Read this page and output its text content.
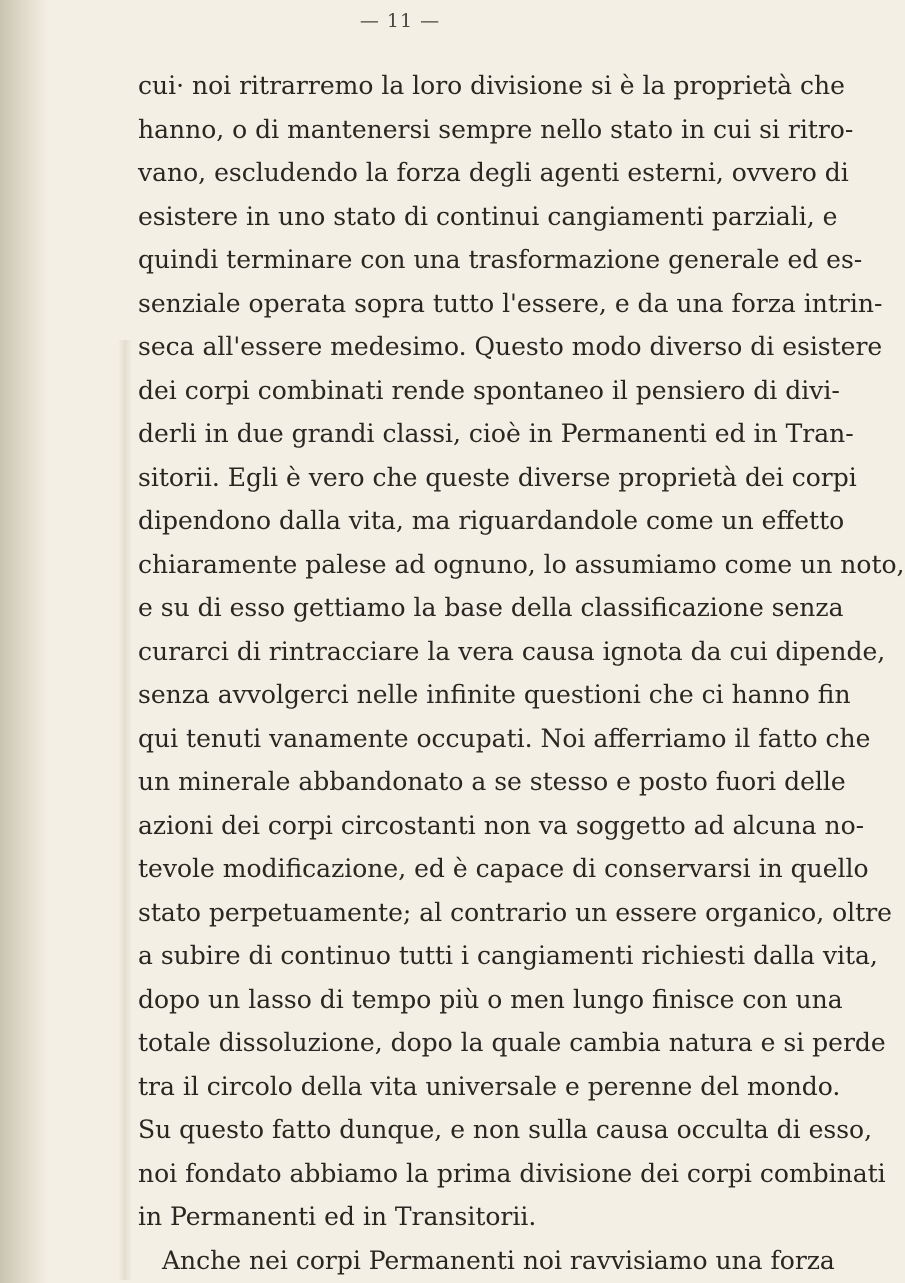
— 11 —
cui· noi ritrarremo la loro divisione si è la proprietà che
hanno, o di mantenersi sempre nello stato in cui si ritro-
vano, escludendo la forza degli agenti esterni, ovvero di
esistere in uno stato di continui cangiamenti parziali, e
quindi terminare con una trasformazione generale ed es-
senziale operata sopra tutto l'essere, e da una forza intrin-
seca all'essere medesimo. Questo modo diverso di esistere
dei corpi combinati rende spontaneo il pensiero di divi-
derli in due grandi classi, cioè in Permanenti ed in Tran-
sitorii. Egli è vero che queste diverse proprietà dei corpi
dipendono dalla vita, ma riguardandole come un effetto
chiaramente palese ad ognuno, lo assumiamo come un noto,
e su di esso gettiamo la base della classificazione senza
curarci di rintracciare la vera causa ignota da cui dipende,
senza avvolgerci nelle infinite questioni che ci hanno fin
qui tenuti vanamente occupati. Noi afferriamo il fatto che
un minerale abbandonato a se stesso e posto fuori delle
azioni dei corpi circostanti non va soggetto ad alcuna no-
tevole modificazione, ed è capace di conservarsi in quello
stato perpetuamente; al contrario un essere organico, oltre
a subire di continuo tutti i cangiamenti richiesti dalla vita,
dopo un lasso di tempo più o men lungo finisce con una
totale dissoluzione, dopo la quale cambia natura e si perde
tra il circolo della vita universale e perenne del mondo.
Su questo fatto dunque, e non sulla causa occulta di esso,
noi fondato abbiamo la prima divisione dei corpi combinati
in Permanenti ed in Transitorii.
Anche nei corpi Permanenti noi ravvisiamo una forza
